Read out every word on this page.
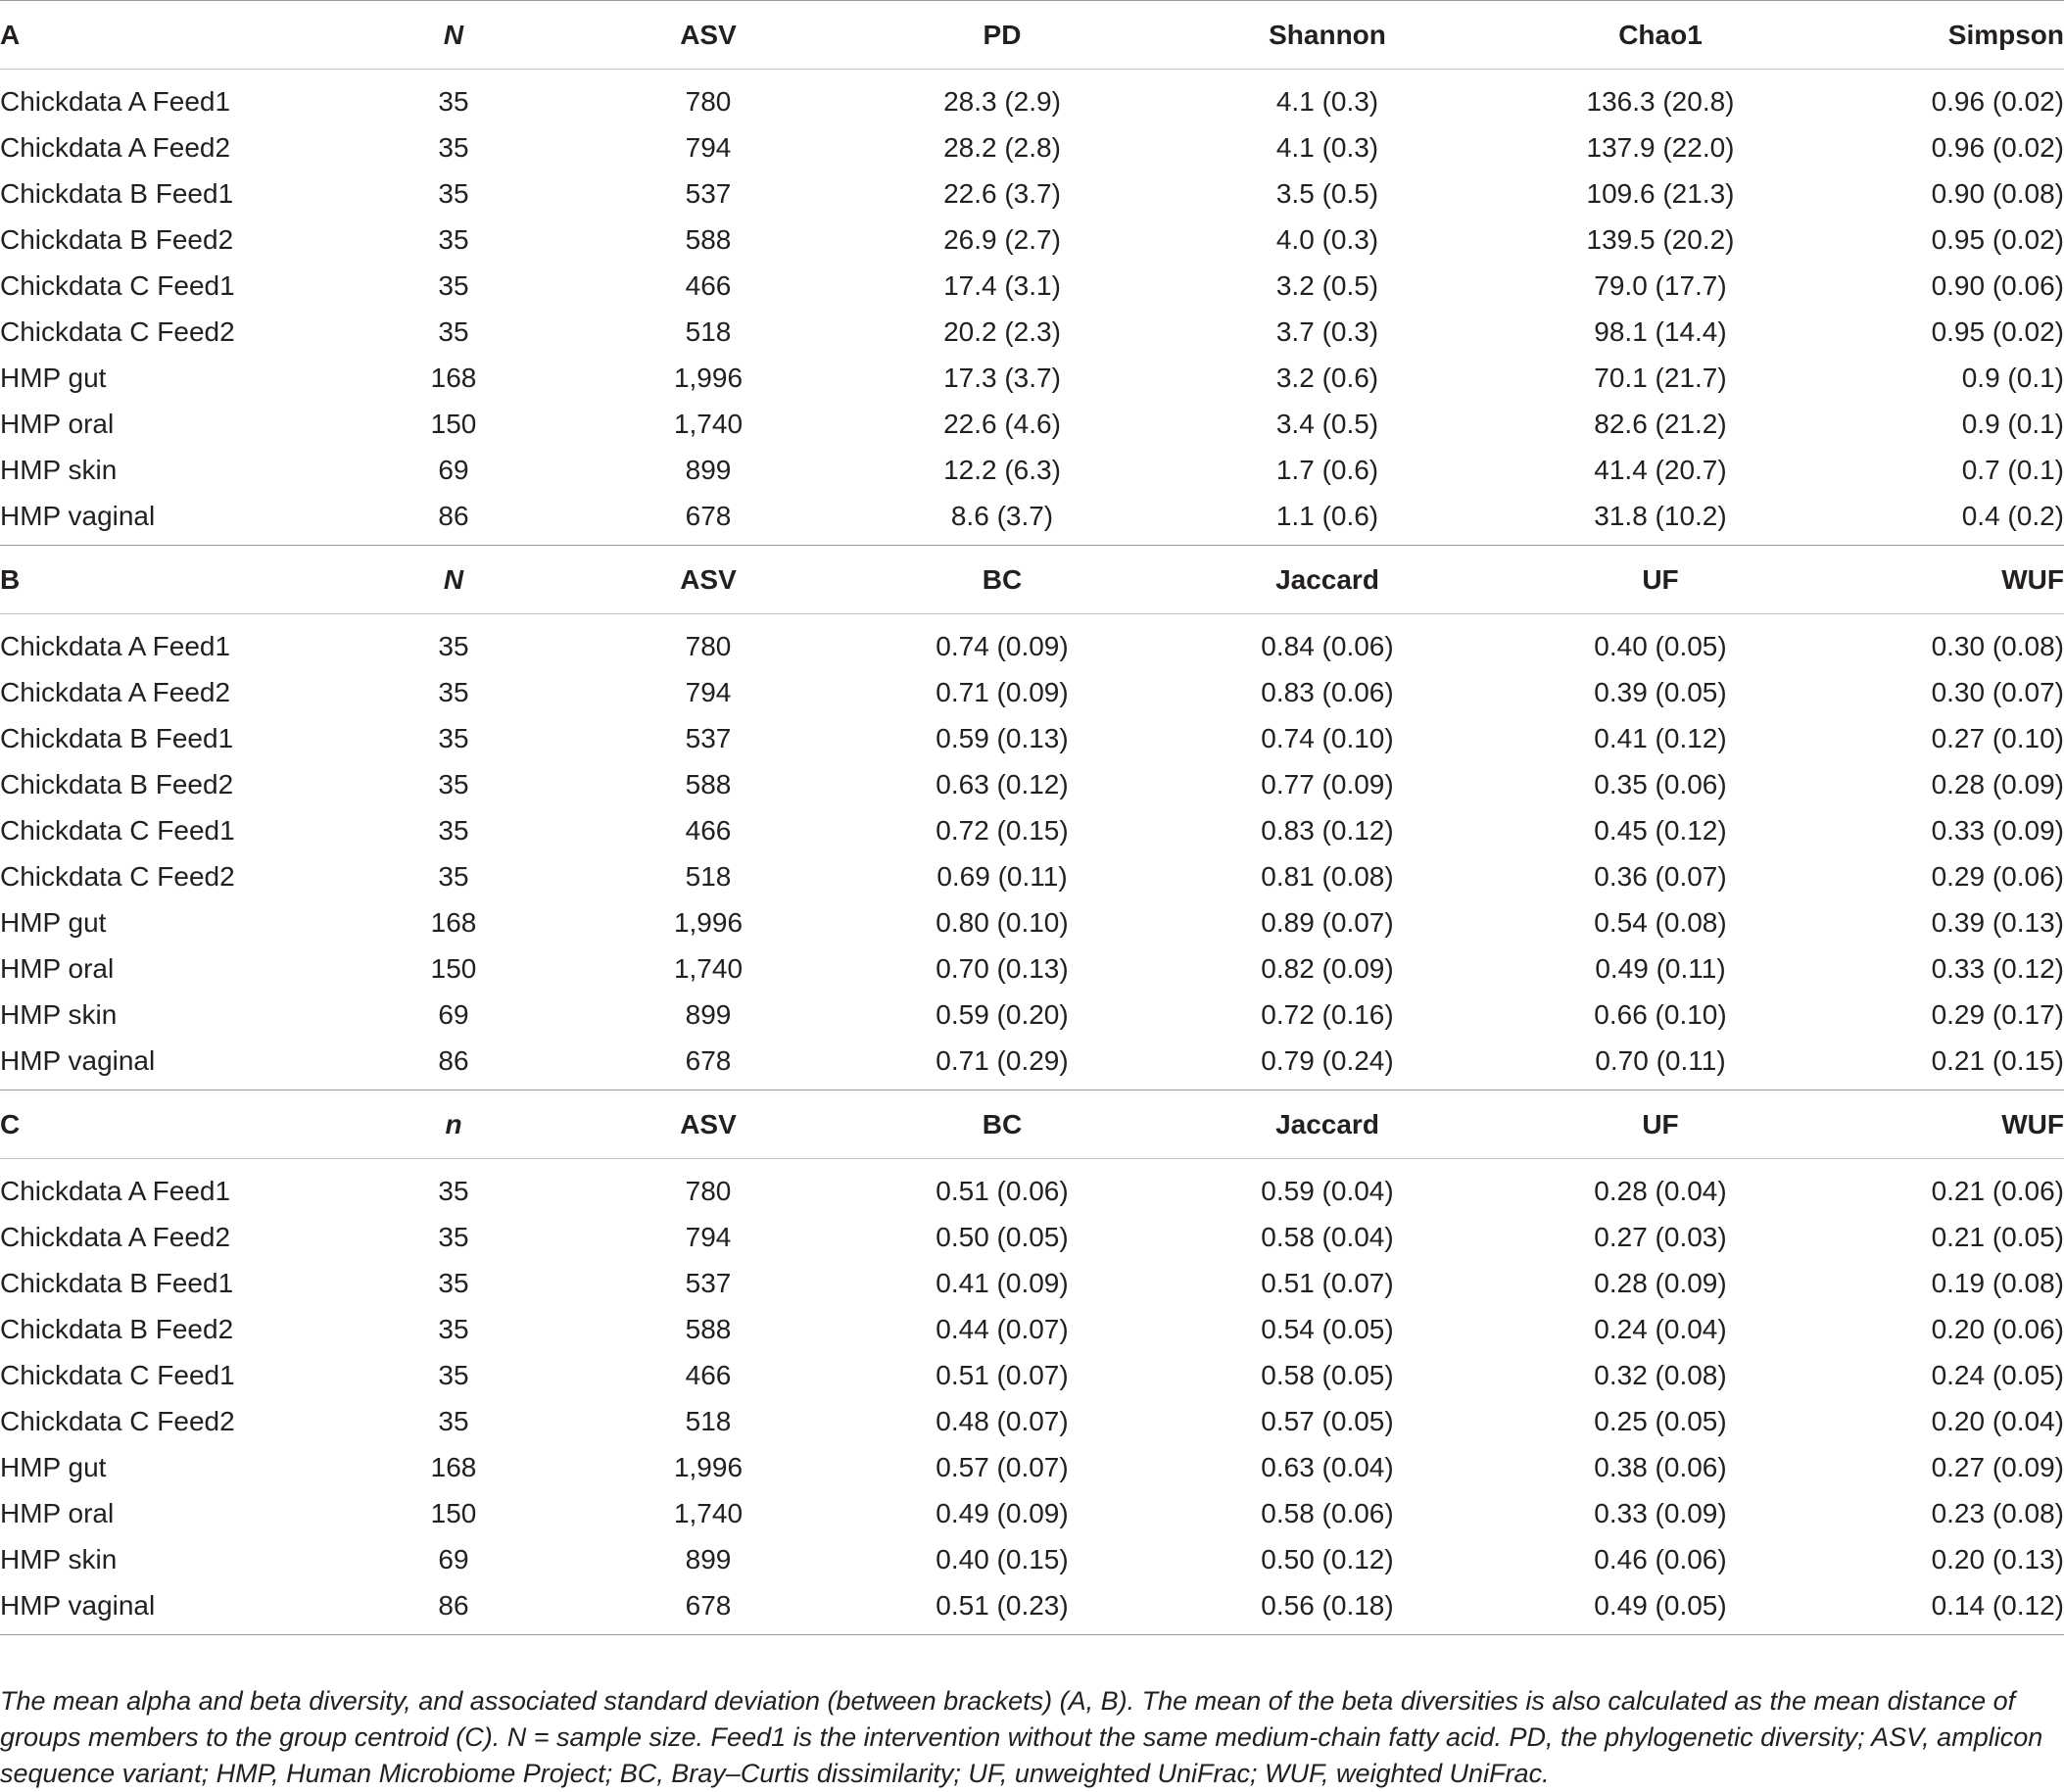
A	N	ASV	PD	Shannon	Chao1	Simpson
Chickdata A Feed1	35	780	28.3 (2.9)	4.1 (0.3)	136.3 (20.8)	0.96 (0.02)
Chickdata A Feed2	35	794	28.2 (2.8)	4.1 (0.3)	137.9 (22.0)	0.96 (0.02)
Chickdata B Feed1	35	537	22.6 (3.7)	3.5 (0.5)	109.6 (21.3)	0.90 (0.08)
Chickdata B Feed2	35	588	26.9 (2.7)	4.0 (0.3)	139.5 (20.2)	0.95 (0.02)
Chickdata C Feed1	35	466	17.4 (3.1)	3.2 (0.5)	79.0 (17.7)	0.90 (0.06)
Chickdata C Feed2	35	518	20.2 (2.3)	3.7 (0.3)	98.1 (14.4)	0.95 (0.02)
HMP gut	168	1,996	17.3 (3.7)	3.2 (0.6)	70.1 (21.7)	0.9 (0.1)
HMP oral	150	1,740	22.6 (4.6)	3.4 (0.5)	82.6 (21.2)	0.9 (0.1)
HMP skin	69	899	12.2 (6.3)	1.7 (0.6)	41.4 (20.7)	0.7 (0.1)
HMP vaginal	86	678	8.6 (3.7)	1.1 (0.6)	31.8 (10.2)	0.4 (0.2)
B	N	ASV	BC	Jaccard	UF	WUF
Chickdata A Feed1	35	780	0.74 (0.09)	0.84 (0.06)	0.40 (0.05)	0.30 (0.08)
Chickdata A Feed2	35	794	0.71 (0.09)	0.83 (0.06)	0.39 (0.05)	0.30 (0.07)
Chickdata B Feed1	35	537	0.59 (0.13)	0.74 (0.10)	0.41 (0.12)	0.27 (0.10)
Chickdata B Feed2	35	588	0.63 (0.12)	0.77 (0.09)	0.35 (0.06)	0.28 (0.09)
Chickdata C Feed1	35	466	0.72 (0.15)	0.83 (0.12)	0.45 (0.12)	0.33 (0.09)
Chickdata C Feed2	35	518	0.69 (0.11)	0.81 (0.08)	0.36 (0.07)	0.29 (0.06)
HMP gut	168	1,996	0.80 (0.10)	0.89 (0.07)	0.54 (0.08)	0.39 (0.13)
HMP oral	150	1,740	0.70 (0.13)	0.82 (0.09)	0.49 (0.11)	0.33 (0.12)
HMP skin	69	899	0.59 (0.20)	0.72 (0.16)	0.66 (0.10)	0.29 (0.17)
HMP vaginal	86	678	0.71 (0.29)	0.79 (0.24)	0.70 (0.11)	0.21 (0.15)
C	n	ASV	BC	Jaccard	UF	WUF
Chickdata A Feed1	35	780	0.51 (0.06)	0.59 (0.04)	0.28 (0.04)	0.21 (0.06)
Chickdata A Feed2	35	794	0.50 (0.05)	0.58 (0.04)	0.27 (0.03)	0.21 (0.05)
Chickdata B Feed1	35	537	0.41 (0.09)	0.51 (0.07)	0.28 (0.09)	0.19 (0.08)
Chickdata B Feed2	35	588	0.44 (0.07)	0.54 (0.05)	0.24 (0.04)	0.20 (0.06)
Chickdata C Feed1	35	466	0.51 (0.07)	0.58 (0.05)	0.32 (0.08)	0.24 (0.05)
Chickdata C Feed2	35	518	0.48 (0.07)	0.57 (0.05)	0.25 (0.05)	0.20 (0.04)
HMP gut	168	1,996	0.57 (0.07)	0.63 (0.04)	0.38 (0.06)	0.27 (0.09)
HMP oral	150	1,740	0.49 (0.09)	0.58 (0.06)	0.33 (0.09)	0.23 (0.08)
HMP skin	69	899	0.40 (0.15)	0.50 (0.12)	0.46 (0.06)	0.20 (0.13)
HMP vaginal	86	678	0.51 (0.23)	0.56 (0.18)	0.49 (0.05)	0.14 (0.12)
The mean alpha and beta diversity, and associated standard deviation (between brackets) (A, B). The mean of the beta diversities is also calculated as the mean distance of groups members to the group centroid (C). N = sample size. Feed1 is the intervention without the same medium-chain fatty acid. PD, the phylogenetic diversity; ASV, amplicon sequence variant; HMP, Human Microbiome Project; BC, Bray–Curtis dissimilarity; UF, unweighted UniFrac; WUF, weighted UniFrac.
